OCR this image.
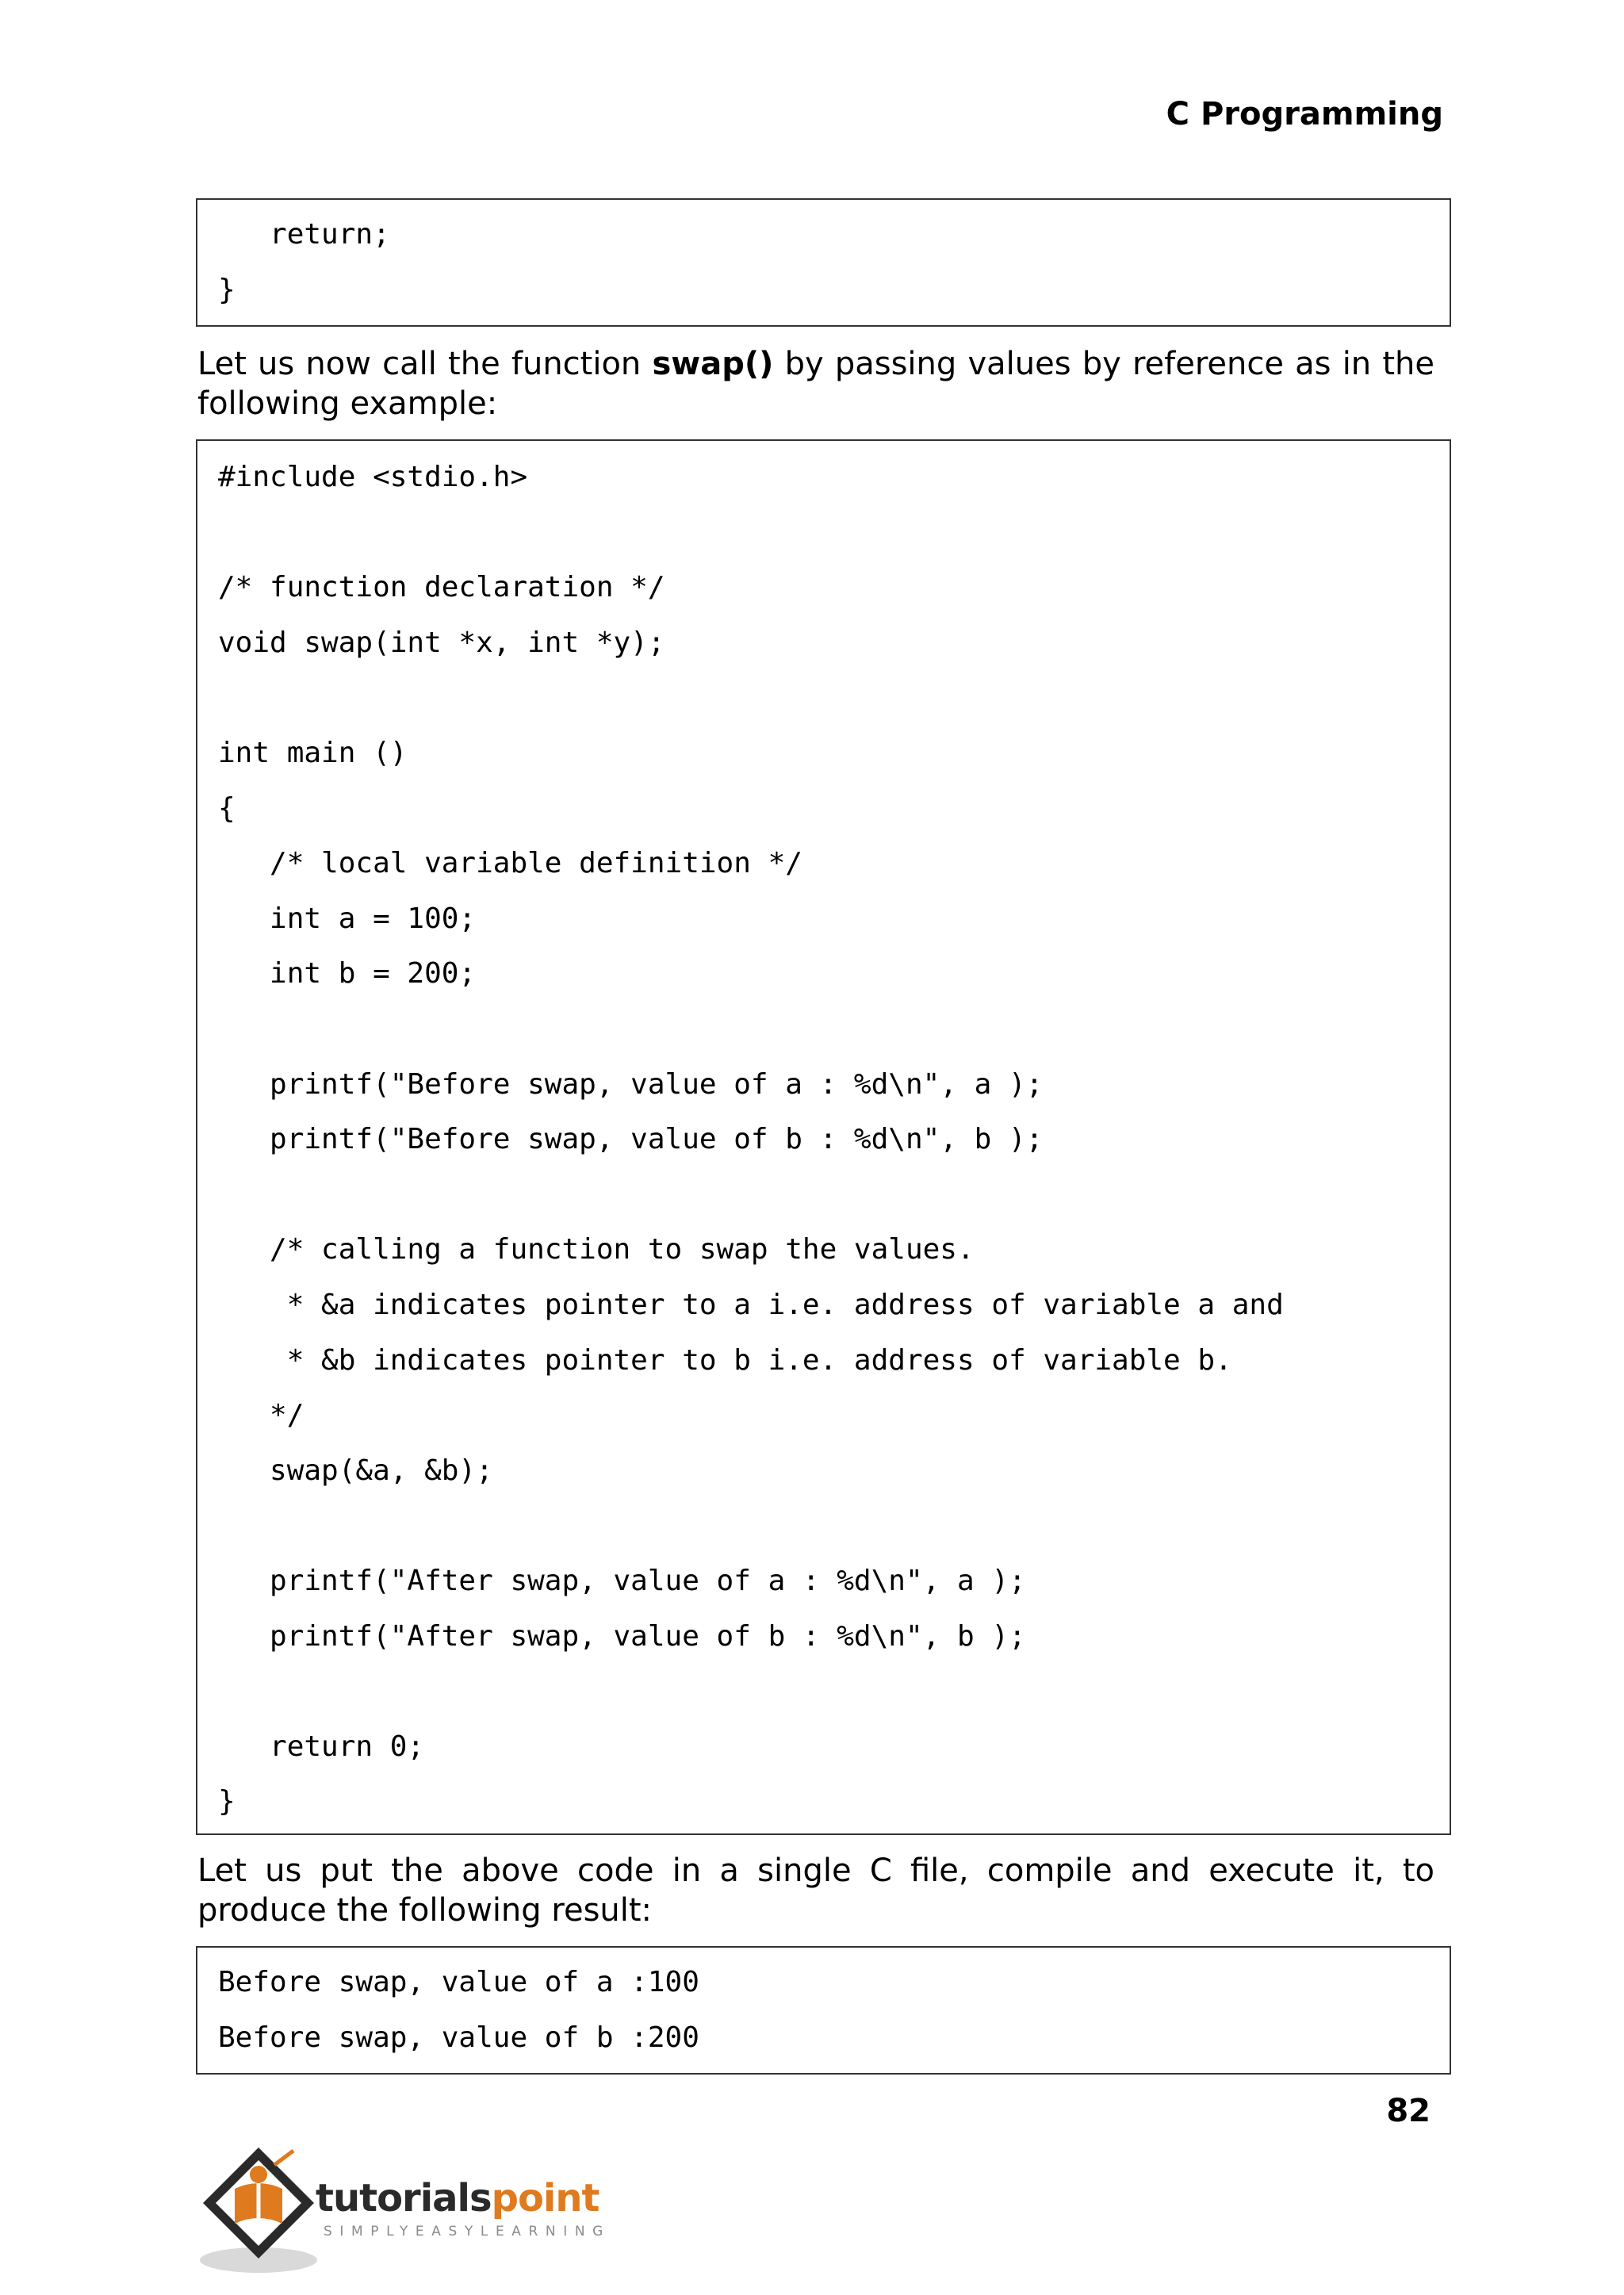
C Programming
return;
}
Let us now call the function swap() by passing values by reference as in the following example:
#include <stdio.h>
/* function declaration */
void swap(int *x, int *y);
int main ()
{
/* local variable definition */
int a = 100;
int b = 200;
printf("Before swap, value of a : %d\n", a );
printf("Before swap, value of b : %d\n", b );
/* calling a function to swap the values.
* &a indicates pointer to a i.e. address of variable a and
* &b indicates pointer to b i.e. address of variable b.
*/
swap(&a, &b);
printf("After swap, value of a : %d\n", a );
printf("After swap, value of b : %d\n", b );
return 0;
}
Let us put the above code in a single C file, compile and execute it, to produce the following result:
Before swap, value of a :100
Before swap, value of b :200
82
tutorialspoint
SIMPLYEASYLEARNING
